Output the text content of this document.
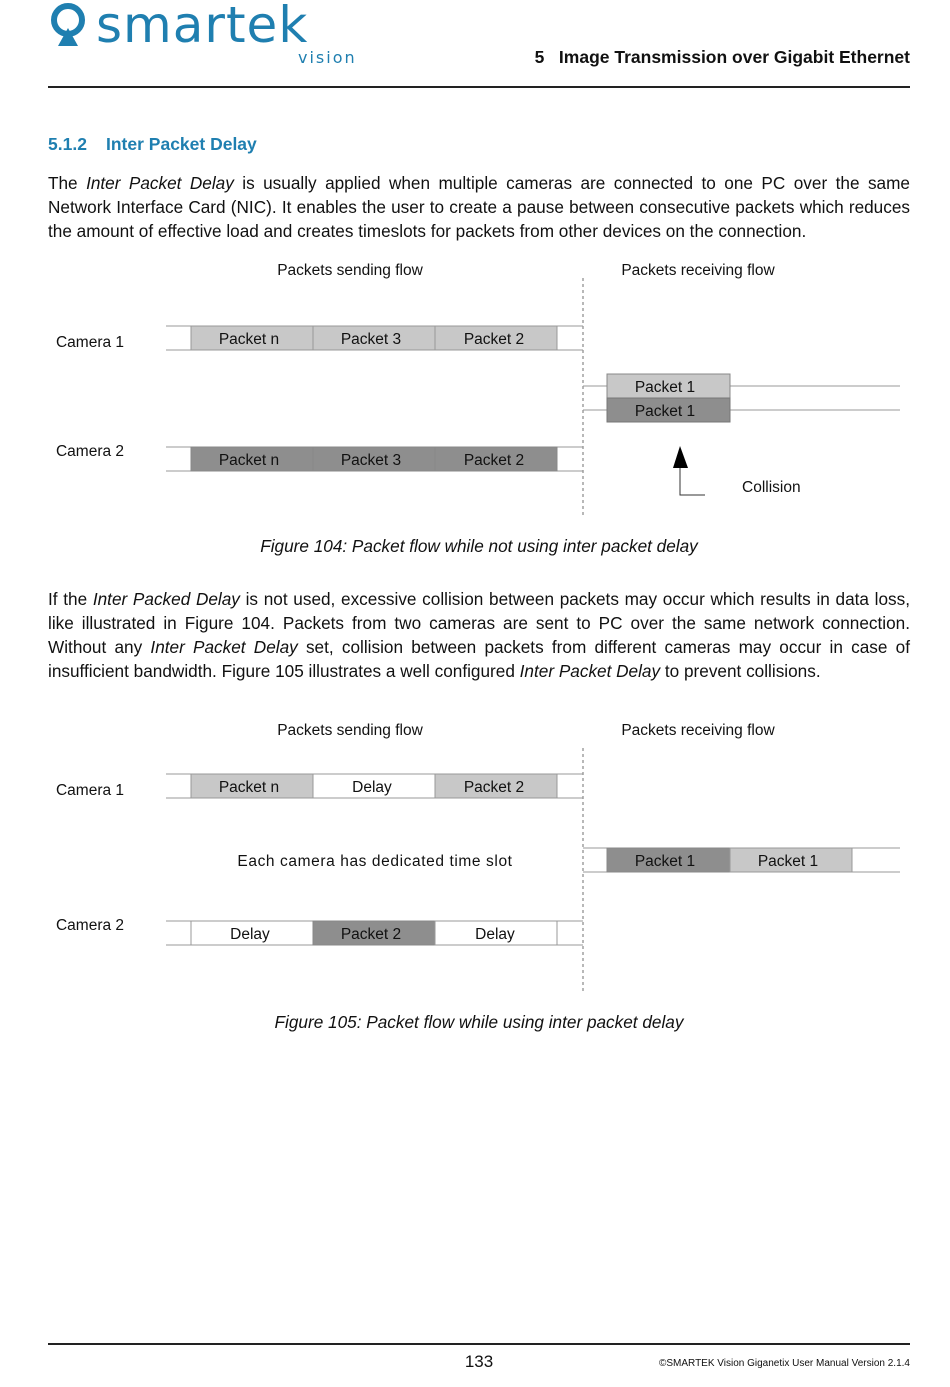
smartek
vision	5   Image Transmission over Gigabit Ethernet
5.1.2 Inter Packet Delay

The Inter Packet Delay is usually applied when multiple cameras are connected to one PC over the same Network Interface Card (NIC). It enables the user to create a pause between consecutive packets which reduces the amount of effective load and creates timeslots for packets from other devices on the connection.

Packets sending flow	Packets receiving flow
Camera 1	Packet n	Packet 3	Packet 2
Packet 1
Packet 1
Camera 2
Packet n	Packet 3	Packet 2
Collision
Figure 104: Packet flow while not using inter packet delay

If the Inter Packed Delay is not used, excessive collision between packets may occur which results in data loss, like illustrated in Figure 104. Packets from two cameras are sent to PC over the same network connection. Without any Inter Packet Delay set, collision between packets from different cameras may occur in case of insufficient bandwidth. Figure 105 illustrates a well configured Inter Packet Delay to prevent collisions.

Packets sending flow	Packets receiving flow
Camera 1	Packet n	Delay	Packet 2
Each camera has dedicated time slot	Packet 1	Packet 1
Camera 2
Delay	Packet 2	Delay
Figure 105: Packet flow while using inter packet delay
133	©SMARTEK Vision Giganetix User Manual Version 2.1.4
